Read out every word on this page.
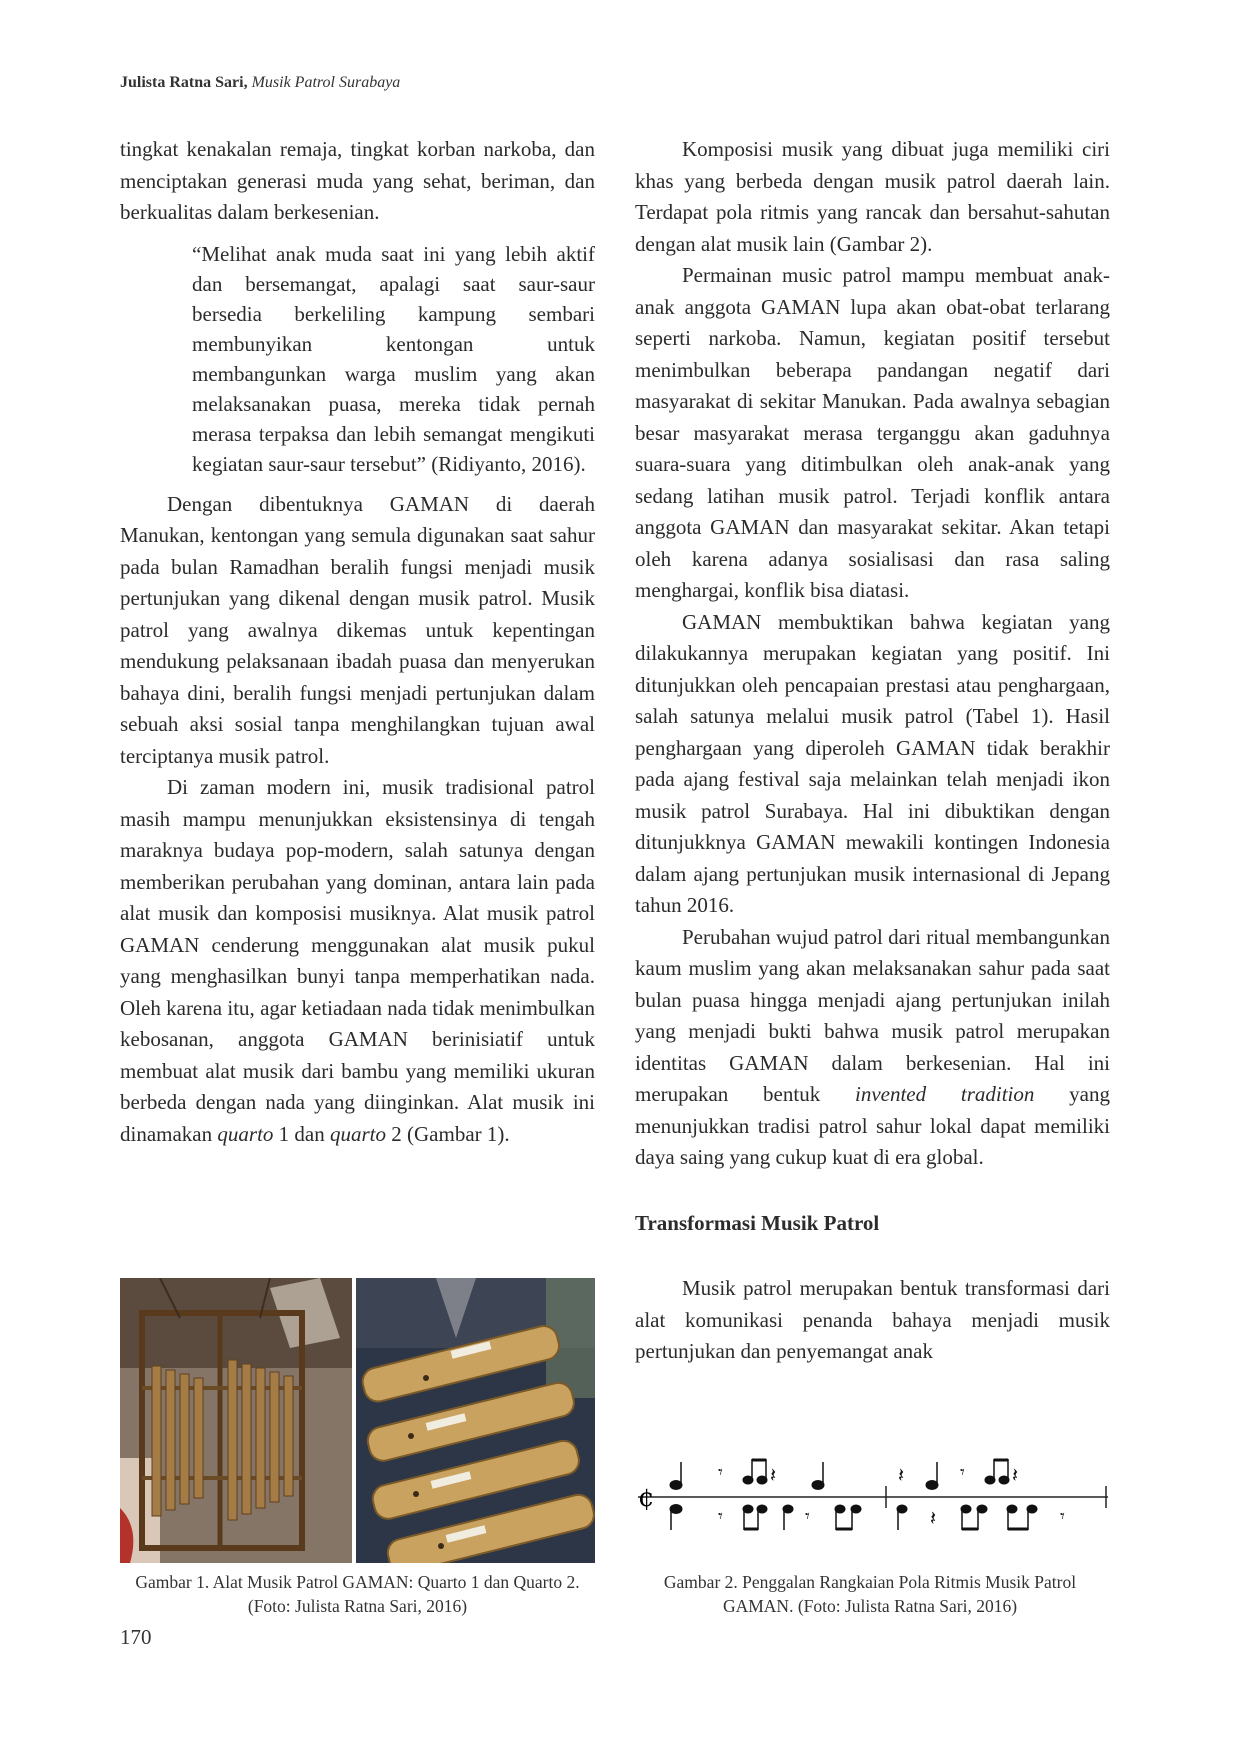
Julista Ratna Sari, Musik Patrol Surabaya

tingkat kenakalan remaja, tingkat korban narkoba, dan menciptakan generasi muda yang sehat, beriman, dan berkualitas dalam berkesenian.

“Melihat anak muda saat ini yang lebih aktif dan bersemangat, apalagi saat saur-saur bersedia berkeliling kampung sembari membunyikan kentongan untuk membangunkan warga muslim yang akan melaksanakan puasa, mereka tidak pernah merasa terpaksa dan lebih semangat mengikuti kegiatan saur-saur tersebut” (Ridiyanto, 2016).

Dengan dibentuknya GAMAN di daerah Manukan, kentongan yang semula digunakan saat sahur pada bulan Ramadhan beralih fungsi menjadi musik pertunjukan yang dikenal dengan musik patrol. Musik patrol yang awalnya dikemas untuk kepentingan mendukung pelaksanaan ibadah puasa dan menyerukan bahaya dini, beralih fungsi menjadi pertunjukan dalam sebuah aksi sosial tanpa menghilangkan tujuan awal terciptanya musik patrol.

Di zaman modern ini, musik tradisional patrol masih mampu menunjukkan eksistensinya di tengah maraknya budaya pop-modern, salah satunya dengan memberikan perubahan yang dominan, antara lain pada alat musik dan komposisi musiknya. Alat musik patrol GAMAN cenderung menggunakan alat musik pukul yang menghasilkan bunyi tanpa memperhatikan nada. Oleh karena itu, agar ketiadaan nada tidak menimbulkan kebosanan, anggota GAMAN berinisiatif untuk membuat alat musik dari bambu yang memiliki ukuran berbeda dengan nada yang diinginkan. Alat musik ini dinamakan quarto 1 dan quarto 2 (Gambar 1).

Komposisi musik yang dibuat juga memiliki ciri khas yang berbeda dengan musik patrol daerah lain. Terdapat pola ritmis yang rancak dan bersahut-sahutan dengan alat musik lain (Gambar 2).

Permainan music patrol mampu membuat anak-anak anggota GAMAN lupa akan obat-obat terlarang seperti narkoba. Namun, kegiatan positif tersebut menimbulkan beberapa pandangan negatif dari masyarakat di sekitar Manukan. Pada awalnya sebagian besar masyarakat merasa terganggu akan gaduhnya suara-suara yang ditimbulkan oleh anak-anak yang sedang latihan musik patrol. Terjadi konflik antara anggota GAMAN dan masyarakat sekitar. Akan tetapi oleh karena adanya sosialisasi dan rasa saling menghargai, konflik bisa diatasi.

GAMAN membuktikan bahwa kegiatan yang dilakukannya merupakan kegiatan yang positif. Ini ditunjukkan oleh pencapaian prestasi atau penghargaan, salah satunya melalui musik patrol (Tabel 1). Hasil penghargaan yang diperoleh GAMAN tidak berakhir pada ajang festival saja melainkan telah menjadi ikon musik patrol Surabaya. Hal ini dibuktikan dengan ditunjukknya GAMAN mewakili kontingen Indonesia dalam ajang pertunjukan musik internasional di Jepang tahun 2016.

Perubahan wujud patrol dari ritual membangunkan kaum muslim yang akan melaksanakan sahur pada saat bulan puasa hingga menjadi ajang pertunjukan inilah yang menjadi bukti bahwa musik patrol merupakan identitas GAMAN dalam berkesenian. Hal ini merupakan bentuk invented tradition yang menunjukkan tradisi patrol sahur lokal dapat memiliki daya saing yang cukup kuat di era global.

Transformasi Musik Patrol

Musik patrol merupakan bentuk transformasi dari alat komunikasi penanda bahaya menjadi musik pertunjukan dan penyemangat anak

Gambar 1. Alat Musik Patrol GAMAN: Quarto 1 dan Quarto 2. (Foto: Julista Ratna Sari, 2016)
¢
𝄾 𝄽	𝄽	𝄾 𝄽
𝄾	𝄾	𝄽	𝄾
Gambar 2. Penggalan Rangkaian Pola Ritmis Musik Patrol GAMAN. (Foto: Julista Ratna Sari, 2016)
170
